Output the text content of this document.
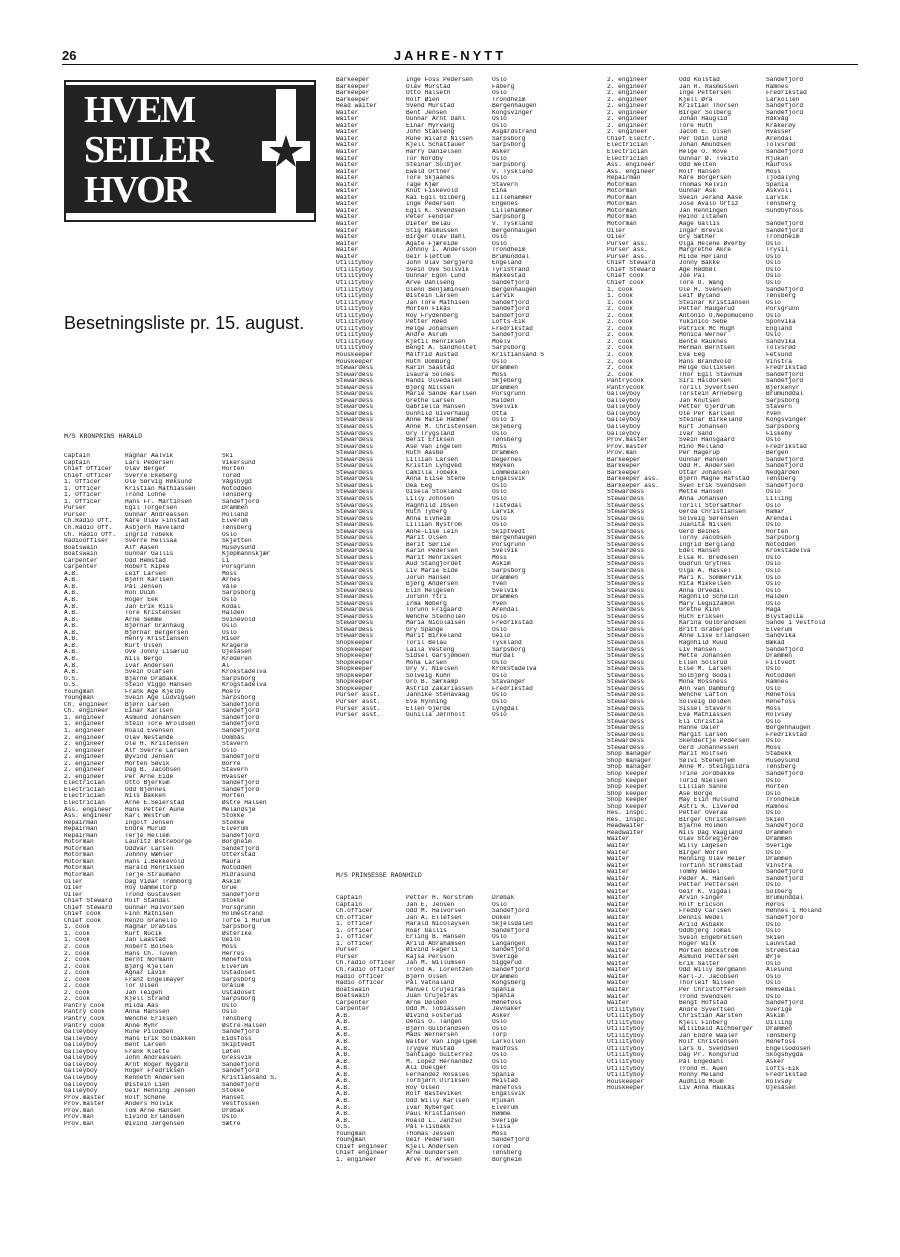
26	JAHRE-NYTT
HVEM
SEILER
HVOR
Besetningsliste pr. 15. august.
M/S KRONPRINS HARALD
Captain	Ragnar Aalvik	Ski
Captain	Lars Pedersen	Vikersund
Chief Officer	Olav Berger	Horten
Chief Officer	Sverre Ekeberg	Torød
1. Officer	Ole Sørvig Røksund	Vågsbygd
1. Officer	Kristian Mathiassen	Notodden
1. Officer	Trond Lohne	Tønsberg
1. Officer	Hans Fr. Martinsen	Sandefjord
Purser	Egil Torgersen	Drammen
Purser	Gunnar Andreassen	Holland
Ch.Radio Off.	Kåre Olav Finstad	Elverum
Ch.Radio Off.	Asbjørn Haveland	Tønsberg
Ch. Radio Off.	Ingrid Tobekk	Oslo
Radiooffiser	Sverre Hellsaa	Skjetten
Boatswain	Alf Aasen	Husøysund
Boatswain	Gunnar Gallis	Kjøpmannskjær
Carpenter	Odd Hemstad	Li
Carpenter	Robert Kipke	Porsgrunn
A.B.	Leif Larsen	Moss
A.B.	Bjørn Karlsen	Årnes
A.B.	Pål Jensen	Våle
A.B.	Ron Duim	Sarpsborg
A.B.	Roger Eek	Oslo
A.B.	Jan Erik Riis	Kodal
A.B.	Tore Kristensen	Halden
A.B.	Arne Semme	Svinevold
A.B.	Bjørnar Granhaug	Oslo
A.B.	Bjørnar Bergersen	Oslo
A.B.	Henry Kristiansen	Risør
A.B.	Kurt Olsen	Kragerø
A.B.	Ove Jonny Lisærud	Gjesåsen
A.B.	Nils Bergo	Krøderen
A.B.	Ivar Andersen	Ål
A.B.	Svein Olafsen	Krokstadelva
O.S.	Bjarne Drabakk	Sarpsborg
O.S.	Stein Viggo Hansen	Krogstadelva
Youngman	Frank Åge Kjelby	Moelv
Youngman	Svein Åge Ludvigsen	Sarpsborg
Ch. engineer	Bjørn Larsen	Sandefjord
Ch. engineer	Einar Karlsen	Sandefjord
1. engineer	Åsmund Johansen	Sandefjord
1. engineer	Stein Tore Wroldsen	Sandefjord
1. engineer	Roald Evensen	Sandefjord
2. engineer	Olav Nestande	Dombås
2. engineer	Ole H. Kristensen	Stavern
2. engineer	Alf Sverre Larsen	Oslo
2. engineer	Øyvind Jensen	Sandefjord
2. engineer	Morten Søvik	Borre
2. engineer	Dag B. Jacobsen	Stavern
2. engineer	Per Arne Eide	Hvasser
Electrician	Otto Bjerkum	Sandefjord
Electrician	Odd Bjønnes	Sandefjord
Electrician	Nils Bakken	Horten
Electrician	Arne E.Seierstad	Østre Halsen
Ass. engineer	Hans Petter Aune	Melandsjø
Ass. engineer	Karl Westrum	Stokke
Repairman	Ingolf Jensen	Stokke
Repairman	Endre Murud	Elverum
Repairman	Terje Hellem	Sandefjord
Motorman	Lauritz Østreborge	Borgheim
Motorman	Oddvar Larsen	Sandefjord
Motorman	Johnny Wæhler	Otterstad
Motorman	Hans I.Bekkevold	Maura
Motorman	Harald Henriksen	Notodden
Motorman	Terje Straumann	Hidrasund
Oiler	Dag Vidar Trømborg	Askim
Oiler	Roy Gammeltorp	Grue
Oiler	Trond Gustavsen	Sandefjord
Chief Steward	Rolf Standal	Stokke
Chief Steward	Gunnar Halvorsen	Porsgrunn
Chief cook	Finn Mathisen	Holmestrand
Chief cook	Renzo Granello	Tofte i Hurum
1. cook	Ragnar Drabløs	Sarpsborg
1. cook	Kurt Nucik	Østerike
1. cook	Jan Laastad	Geilo
2. cook	Robert Bolnes	Moss
2. cook	Hans Ch. Tuven	Herres
2. cook	Bernt Normann	Hønefoss
2. cook	Bjørg Kjellen	Elverum
2. cook	Agnar Lavik	Ustadoset
2. cook	Franz Engelmayer	Sarpsborg
2. cook	Tor Olsen	Grålum
2. cook	Jan Teigen	Ustadoset
2. cook	Kjell Strand	Sarpsborg
Pantry cook	Hilda Aas	Oslo
Pantry cook	Anna Hanssen	Oslo
Pantry cook	Wenche Eriksen	Tønsberg
Pantry cook	Anne Myhr	Østre-Halsen
Galleyboy	Rune Pilodden	Sandefjord
Galleyboy	Hans Erik Solbakken	Eidsfoss
Galleyboy	Bent Larsen	Skiptvedt
Galleyboy	Frank Klette	Løten
Galleyboy	John Andreassen	Gressvik
Galleyboy	Arnt Roger Nygård	Sandefjord
Galleyboy	Roger Fredriksen	Sandefjord
Galleyboy	Kenneth Andersen	Kristiansand S.
Galleyboy	Øistein Lien	Sandefjord
Galleyboy	Geir Henning Jensen	Stokke
Prov.master	Rolf Schøne	Hanset
Prov.master	Anders Holvik	Vestfossen
Prov.man	Tom Arne Hansen	Drøbak
Prov.man	Eivind Erlandsen	Oslo
Prov.man	Øivind Jørgensen	Sætre
Barkeeper	Inge Foss Pedersen	Oslo
Barkeeper	Olav Murstad	Fåberg
Barkeeper	Otto Halseth	Oslo
Barkeeper	Rolf Øien	Trondheim
Head waiter	Svend Murstad	Bergenhaugen
Waiter	Bent Jensen	Kongsvinger
Waiter	Gunnar Arnt Dahl	Oslo
Waiter	Einar Myrvang	Oslo
Waiter	John Stakseng	Åsgårdstrand
Waiter	Rune Wilard Nilsen	Sarpsborg
Waiter	Kjell Schattauer	Sarpsborg
Waiter	Harry Danielsen	Asker
Waiter	Tor Nordby	Oslo
Waiter	Steinar Solbjør	Sarpsborg
Waiter	Ewald Ortner	V. Tyskland
Waiter	Tore Skjaanes	Oslo
Waiter	Tage Kjær	Stavern
Waiter	Knut Fiskevold	Eina
Waiter	Kai Egil Gilberg	Lillehammer
Waiter	Inge Pedersen	Engenes
Waiter	Egil K. Svendsen	Lillehammer
Waiter	Peter Fendler	Sarpsborg
Waiter	Dieter Belau	V. Tyskland
Waiter	Stig Rasmussen	Bergenhaugen
Waiter	Birger Olav Dahl	Oslo
Waiter	Agate Fjæreide	Oslo
Waiter	Johnny I. Andersson	Trondheim
Waiter	Geir Fløttum	Brumunddal
Utilityboy	John Olav Sørgjerd	Engeland
Utilityboy	Svein Ove Solsvik	Tyristrand
Utilityboy	Gunnar Egon Lund	Rakkestad
Utilityboy	Arve Dahlseng	Sandefjord
Utilityboy	Glenn Benjaminsen	Bergenhaugen
Utilityboy	Øistein Larsen	Larvik
Utilityboy	Jan Tore Mathisen	Sandefjord
Utilityboy	Morten Fikås	Sandefjord
Utilityboy	Roy Frydenberg	Sandefjord
Utilityboy	Petter Røed	Lofts-Eik
Utilityboy	Helge Johansen	Fredrikstad
Utilityboy	Andre Åsrum	Sandefjord
Utilityboy	Kjetil Henriksen	Moelv
Utilityboy	Bengt A. Sandholtet	Sarpsborg
Houskeeper	Målfrid Austad	Kristiansand S
Houskeeper	Ruth Domburg	Oslo
Stewardess	Karin Saastad	Drammen
Stewardess	Isaura Solnes	Moss
Stewardess	Randi Ulvedalen	Skjeberg
Stewardess	Bjørg Nilssen	Drammen
Stewardess	Marie Sande Karlsen	Porsgrunn
Stewardess	Grethe Larsen	Halden
Stewardess	Gabriella Hansen	Svelvik
Stewardess	Gunhild Giverhaug	Otta
Stewardess	Anne Marie Hammer	Oslo 1
Stewardess	Anne M. Christensen	Skjeberg
Stewardess	Gry Trygsland	Oslo
Stewardess	Berit Eriksen	Tønsberg
Stewardess	Åse Van Ingelen	Moss
Stewardess	Ruth Aasbø	Drammen
Stewardess	Lillian Larsen	Degernes
Stewardess	Kristin Lyngved	Røyken
Stewardess	Camilla Tobekk	Lommedalen
Stewardess	Anna Elise Stene	Engalsvik
Stewardess	Dea Eeg	Oslo
Stewardess	Gisela Stokland	Oslo
Stewardess	Lilly Johnsen	Oslo
Stewardess	Ragnhild Ibsen	Tistedal
Stewardess	Ruth Tyberg	Larvik
Stewardess	Anna Elvheim	Oslo
Stewardess	Lillian Nyström	Oslo
Stewardess	Anne-Lise Lein	Skiptvedt
Stewardess	Marit Olsen	Bergenhaugen
Stewardess	Berit Sørlie	Porsgrunn
Stewardess	Karin Pedersen	Svelvik
Stewardess	Marit Henriksen	Moss
Stewardess	Aud Stangjordet	Askim
Stewardess	Liv Marie Eide	Sarpsborg
Stewardess	Jorun Hansen	Drammen
Stewardess	Bjørg Andersen	Yven
Stewardess	Elin Helgesen	Svelvik
Stewardess	Jorunn Ytri	Drammen
Stewardess	Irma Nøberg	Yven
Stewardess	Torunn Frigaard	Arendal
Stewardess	Wenche Stenholen	Oslo
Stewardess	Maria Nicolaisen	Fredrikstad
Stewardess	Gry Spange	Oslo
Stewardess	Marit Birkeland	Geilo
Shopkeeper	Toril Belau	Tyskland
Shopkeeper	Laila Vesteng	Sarpsborg
Shopkeeper	Sidsel Garsjømoen	Hurdal
Shopkeeper	Mona Larsen	Oslo
Shopkeeper	Gry V. Nielsen	Krokstadelva
Shopkeeper	Solveig Kuhn	Oslo
Shopkeeper	Gro B. Særkamp	Stavanger
Shopkeeper	Astrid Zakariassen	Fredrikstad
Purser asst.	Jannike Stenavaag	Oslo
Purser asst.	Eva Rynning	Oslo
Purser asst.	Ellen Gjerde	Lyngdal
Purser asst.	Gunilla Jørnholt	Oslo
M/S PRINSESSE RAGNHILD
Captain	Petter H. Norstrøm	Drøbak
Captain	Jan E. Jensen	Oslo
Ch.officer	Odd M. Halvorsen	Sandefjord
Ch.officer	Jan A. Ellefsen	Duken
1. officer	Harald Nicolaysen	Skjelsdalen
1. officer	Roar Gallis	Sandefjord
1. officer	Erling B. Hansen	Oslo
1. officer	Arild Abrahamsen	Langangen
Purser	Øivind Fagerli	Sandefjord
Purser	Kajsa Persson	Sverige
Ch.radio officer	Jan M. Willumsen	Siggerud
Ch.radio officer	Trond A. Lorentzen	Sandefjord
Radio officer	Bjørn Olsen	Drammen
Radio officer	Pål Vatnaland	Kongsberg
Boatswain	Manuel Crujeiras	Spania
Boatswain	Juan Crujeiras	Spania
Carpenter	Arne Dølden	Hønefoss
Carpenter	Odd M. Tobiassen	Jevnaker
A.B.	Øivind Fosterud	Asker
A.B.	Denis O. Tangen	Oslo
A.B.	Bjørn Gulbrandsen	Oslo
A.B.	Mads Wernersen	Torp
A.B.	Walter Van Ingelgem	Larkollen
A.B.	Trygve Rustad	Raufoss
A.B.	Santiago Guiterrez	Oslo
A.B.	M. Lopez Hernandez	Oslo
A.B.	Ali Duelger	Oslo
A.B.	Fernandez Rosales	Spania
A.B.	Torbjørn Ulriksen	Heistad
A.B.	Roy Olsen	Hånefoss
A.B.	Rolf Basteviken	Engalsvik
A.B.	Odd Willy Karlsen	Rjukan
A.B.	Ivar Nyberget	Elverum
A.B.	Paul Kristiansen	Rømme
A.B.	Roald L. Janzso	Sverige
O.S.	Pål Flisbakk	Flisa
Youngman	Thomas Jessen	Moss
Youngman	Geir Pedersen	Sandefjord
Chief engineer	Kjell Andersen	Torød
Chief engineer	Arne Gundersen	Tønsberg
1. engineer	Arve R. Arvesen	Borgheim
2. engineer	Odd Kolstad	Sandefjord
2. engineer	Jan R. Rasmussen	Ramnes
2. engineer	Inge Pettersen	Fredrikstad
2. engineer	Kjell Øra	Larkollen
2. engineer	Kristian Thorsen	Sandefjord
2. engineer	Birger Solberg	Sandefjord
2. engineer	Johan Hauglid	Råkvåg
2. engineer	Tore Huth	Kråkerøy
2. engineer	Jacob E. Olsen	Hvasser
Chief Electr.	Per Odin Lund	Arendal
Electrician	Johan Amundsen	Tolvsrød
Electrician	Helge O. Rove	Sandefjord
Electrician	Gunnar Ø. Tveito	Rjukan
Ass. engineer	Odd Welten	Raufoss
Ass. engineer	Rolf Hansen	Moss
Repairman	Kåre Borgersen	Tjodalyng
Motorman	Thomas Kelvin	Spania
Motorman	Gunnar Ask	Askvoll
Motorman	Svein Jerand Aase	Larvik
Motorman	Jose Avalo Ortiz	Tønsberg
Motorman	Jan Renningen	Sundbyfoss
Motorman	Reino Iltanen
Motorman	Aage Gallis	Sandefjord
Oiler	Ingar Brevik	Sandefjord
Oiler	Gry Sæther	Trondheim
Purser ass.	Olga Helene Øverby	Oslo
Purser ass.	Margrethe Akre	Trysil
Purser ass.	Hilde Hørland	Oslo
Chief Steward	Jonny Bakke	Oslo
Chief Steward	Åge Rødbøl	Oslo
Chief cook	Joe Pal	Oslo
Chief cook	Tore O. Wang	Oslo
1. cook	Ole H. Svensen	Sandefjord
1. cook	Leif Øyland	Tønsberg
1. cook	Steinar Kristiansen	Oslo
2. cook	Petter Haugerud	Porsgrunn
2. cook	Antonio O.Nepomuceno	Oslo
2. cook	Yukinico Sebe	Sponvika
2. cook	Patrick Mc Hugh	England
2. cook	Monica Werner	Oslo
2. cook	Bente Rauknes	Sandvika
2. cook	Herman Berntsen	Tolvsrød
2. cook	Eva Eeg	Fetsund
2. cook	Hans Brandvold	Vinstra
2. cook	Helge Gulliksen	Fredrikstad
2. cook	Thor Egil Stavnum	Sandefjord
Pantrycook	Siri Haldorsen	Sandefjord
Pantrycook	Torill Syvertsen	Bjerkenyr
Galleyboy	Torstein Arneberg	Brumunddal
Galleyboy	Jan Knutsen	Sarpsborg
Galleyboy	Petter Gjerdrum	Stavern
Galleyboy	Ole Per Karlsen	Yven
Galleyboy	Steinar Birkeland	Kongsvinger
Galleyboy	Kurt Johansen	Sarpsborg
Galleyboy	Ivar Sand	Fiskeby
Prov.master	Svein Hansgaard	Oslo
Prov.master	Rino Melland	Fredrikstad
Prov.man	Per Hagerup	Bergen
Barkeeper	Gunnar Hansen	Sandefjord
Barkeeper	Odd H. Andersen	Sandefjord
Barkeeper	Ottar Johansen	Nedgården
Barkeeper ass.	Bjørn Magne Hafstad	Tønsberg
Barkeeper ass.	Sven Erik Svendsen	Sandefjord
Stewardess	Mette Hansen	Oslo
Stewardess	Anna Johansen	Lilling
Stewardess	Torill Storsæther	Oslo
Stewardess	Gerda Christiansen	Hamar
Stewardess	Solveig Sørensen	Arendal
Stewardess	Juanita Nilsen	Oslo
Stewardess	Gerd Beines	Horten
Stewardess	Torny Jacobsen	Sarpsborg
Stewardess	Ingrid Bergland	Notodden
Stewardess	Edel Hansen	Krokstadelva
Stewardess	Elsa R. Bredesen	Oslo
Stewardess	Gudrun Grytnes	Oslo
Stewardess	Olga A. Hassel	Oslo
Stewardess	Mari K. Sommervik	Oslo
Stewardess	Rita Mikkelsen	Oslo
Stewardess	Anna Orvedal	Oslo
Stewardess	Ragnhild Schølin	Halden
Stewardess	Mary Leguizamon	Oslo
Stewardess	Grethe Kinn	Haga
Stewardess	Ruth Eriksen	Blystadlia
Stewardess	Karina Gulbrandsen	Sande i Vestfold
Stewardess	Britt Gråberget	Elverum
Stewardess	Anne Lise Erlandsen	Sandvika
Stewardess	Ragnhild Ruud	Bækad
Stewardess	Liv Hansen	Sandefjord
Stewardess	Mette Johansen	Drammen
Stewardess	Ellen Solsrud	Filtvedt
Stewardess	Else M. Larsen	Oslo
Stewardess	Solbjørg Godal	Notodden
Stewardess	Mona Rossness	Ramnes
Stewardess	Ann van Damburg	Oslo
Stewardess	Wenche Lafton	Hønefoss
Stewardess	Solveig Dølden	Hønefoss
Stewardess	Sissel Stavern	Moss
Stewardess	Eva Mathiassen	Rolvsøy
Stewardess	Eli Christie	Oslo
Stewardess	Hanne Daler	Borgenhaugen
Stewardess	Margit Larsen	Fredrikstad
Stewardess	Skendertje Pedersen	Oslo
Stewardess	Gerd Johannessen	Moss
Shop manager	Marit Rolfsen	Stabekk
Shop manager	Sølvi Stenehjem	Husøysund
Shop manager	Anne M. Steingildra	Tønsberg
Shop keeper	Trine Jordbakke	Sandefjord
Shop keeper	Turid Nielsen	Oslo
Shop keeper	Lillian Sanne	Horten
Shop keeper	Åse Borge	Oslo
Shop keeper	May Elin Hulsund	Trondheim
Shop keeper	Astri K. Liverød	Ramnes
Res. inspc.	Petter Overaa	Oslo
Res. inspc.	Birger Christensen	Skien
Headwaiter	Bjarne Holmen	Sandefjord
Headwaiter	Nils Dag Vaagland	Drammen
Waiter	Olav Storegjerde	Drammen
Waiter	Willy Lagesen	Sverige
Waiter	Birger Worren	Oslo
Waiter	Henning Olav Heier	Drammen
Waiter	Torfinn Strømstad	Vinstra
Waiter	Tommy Wedel	Sandefjord
Waiter	Peder A. Hansen	Sandefjord
Waiter	Petter Pettersen	Oslo
Waiter	Geir K. Vigdal	Solberg
Waiter	Arvin Finger	Brumunddal
Waiter	Rolf Ericson	Røros
Waiter	Freddy Carlsen	Hønnes i Holand
Waiter	Dennis Wedel	Sandefjord
Waiter	Arild Åsbakk	Oslo
Waiter	Oddbjørg Tomas	Oslo
Waiter	Svein Engebretsen	Skien
Waiter	Roger Wilk	Lauvstad
Waiter	Morten Bøckstrøm	Strømstad
Waiter	Asmund Pettersen	Ørje
Waiter	Erik Salter	Oslo
Waiter	Odd Willy Bergmann	Ålesund
Waiter	Karl-J. Jacobsen	Oslo
Waiter	Thorleif Nilsen	Oslo
Waiter	Per Christoffersen	Hemsedal
Waiter	Trond Svendsen	Oslo
Waiter	Bengt Hofstad	Sandefjord
Utilityboy	Andre Syvertsen	Sverige
Utilityboy	Christian Aarsten	Askim
Utilityboy	Kjell Finberg	Dilling
Utilityboy	Willibald Aichberger	Drammen
Utilityboy	Jan Endre Waaler	Tønsberg
Utilityboy	Rolf Christensen	Hønefoss
Utilityboy	Lars G. Svendsen	Engelsodosen
Utilityboy	Dag Pr. Kongsrud	Skogsbygda
Utilityboy	Pål Engedahl	Asker
Utilityboy	Trond H. Auen	Lofts-Eik
Utilityboy	Ronny Meland	Fredrikstad
Houskeeper	Audhild Moum	Rolvsøy
Houskeeper	Liv Anna Haukås	Gjesåsen
